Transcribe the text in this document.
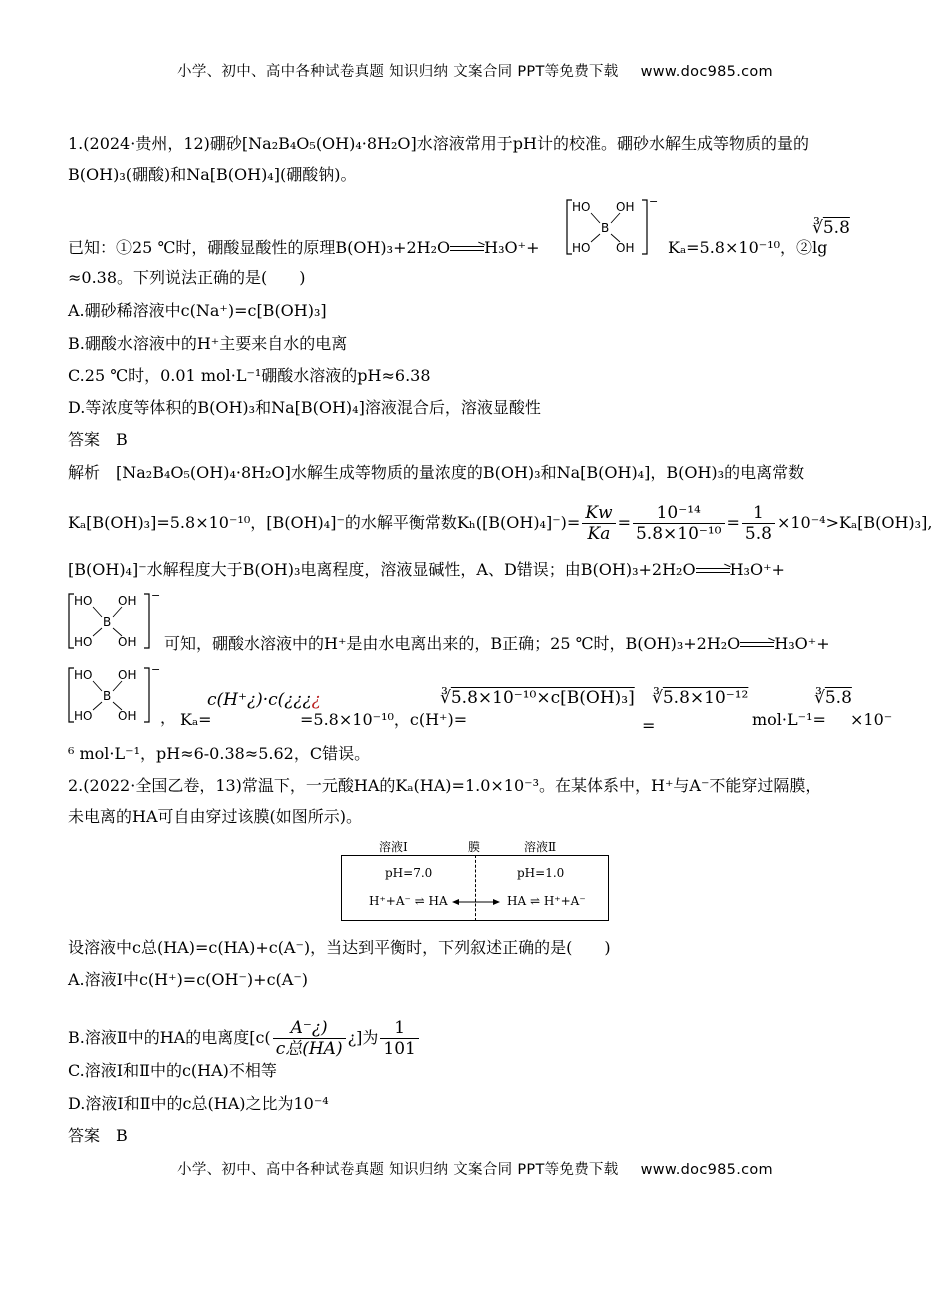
小学、初中、高中各种试卷真题 知识归纳 文案合同 PPT等免费下载 www.doc985.com
1.(2024·贵州，12)硼砂[Na₂B₄O₅(OH)₄·8H₂O]水溶液常用于pH计的校准。硼砂水解生成等物质的量的
B(OH)₃(硼酸)和Na[B(OH)₄](硼酸钠)。
∛5.8
已知：①25 ℃时，硼酸显酸性的原理B(OH)₃+2H₂O→H₃O⁺+
HO OH
B
HO OH
−
Kₐ=5.8×10⁻¹⁰，②lg
≈0.38。下列说法正确的是(　　)
A.硼砂稀溶液中c(Na⁺)=c[B(OH)₃]
B.硼酸水溶液中的H⁺主要来自水的电离
C.25 ℃时，0.01 mol·L⁻¹硼酸水溶液的pH≈6.38
D.等浓度等体积的B(OH)₃和Na[B(OH)₄]溶液混合后，溶液显酸性
答案　B
解析　[Na₂B₄O₅(OH)₄·8H₂O]水解生成等物质的量浓度的B(OH)₃和Na[B(OH)₄]，B(OH)₃的电离常数
Kₐ[B(OH)₃]=5.8×10⁻¹⁰，[B(OH)₄]⁻的水解平衡常数$K_h([B(OH)_4]^-)= \frac{Kw}{Ka} = \frac{\text{10⁻¹⁴}}{\text{5.8×10⁻¹⁰}} = \frac{1}{5.8} \times 10^{-4}>K_a[B(OH)_3]$,
[B(OH)₄]⁻水解程度大于B(OH)₃电离程度，溶液显碱性，A、D错误；由B(OH)₃+2H₂O→H₃O⁺+
HO OH
B
HO OH
−
可知，硼酸水溶液中的H⁺是由水电离出来的，B正确；25 ℃时，B(OH)₃+2H₂O→H₃O⁺+
HO OH
B
HO OH
−
， Kₐ=
c(H⁺¿)·c(¿¿¿¿
=5.8×10⁻¹⁰，c(H⁺)=
∛5.8×10⁻¹⁰×c[B(OH)₃]
=
∛5.8×10⁻¹²
mol·L⁻¹=
∛5.8
×10⁻
⁶ mol·L⁻¹，pH≈6-0.38≈5.62，C错误。
2.(2022·全国乙卷，13)常温下，一元酸HA的Kₐ(HA)=1.0×10⁻³。在某体系中，H⁺与A⁻不能穿过隔膜，
未电离的HA可自由穿过该膜(如图所示)。
溶液Ⅰ	膜	溶液Ⅱ
pH=7.0	pH=1.0
H⁺+A⁻ ⇌ HA	HA ⇌ H⁺+A⁻
设溶液中c总(HA)=c(HA)+c(A⁻)，当达到平衡时，下列叙述正确的是(　　)
A.溶液Ⅰ中c(H⁺)=c(OH⁻)+c(A⁻)
B.溶液Ⅱ中的HA的电离度[$c( \frac{A^-¿)}{\text{c总(HA)}}$ ¿]为 $\frac{1}{101}$
C.溶液Ⅰ和Ⅱ中的c(HA)不相等
D.溶液Ⅰ和Ⅱ中的c总(HA)之比为10⁻⁴
答案　B
小学、初中、高中各种试卷真题 知识归纳 文案合同 PPT等免费下载 www.doc985.com
